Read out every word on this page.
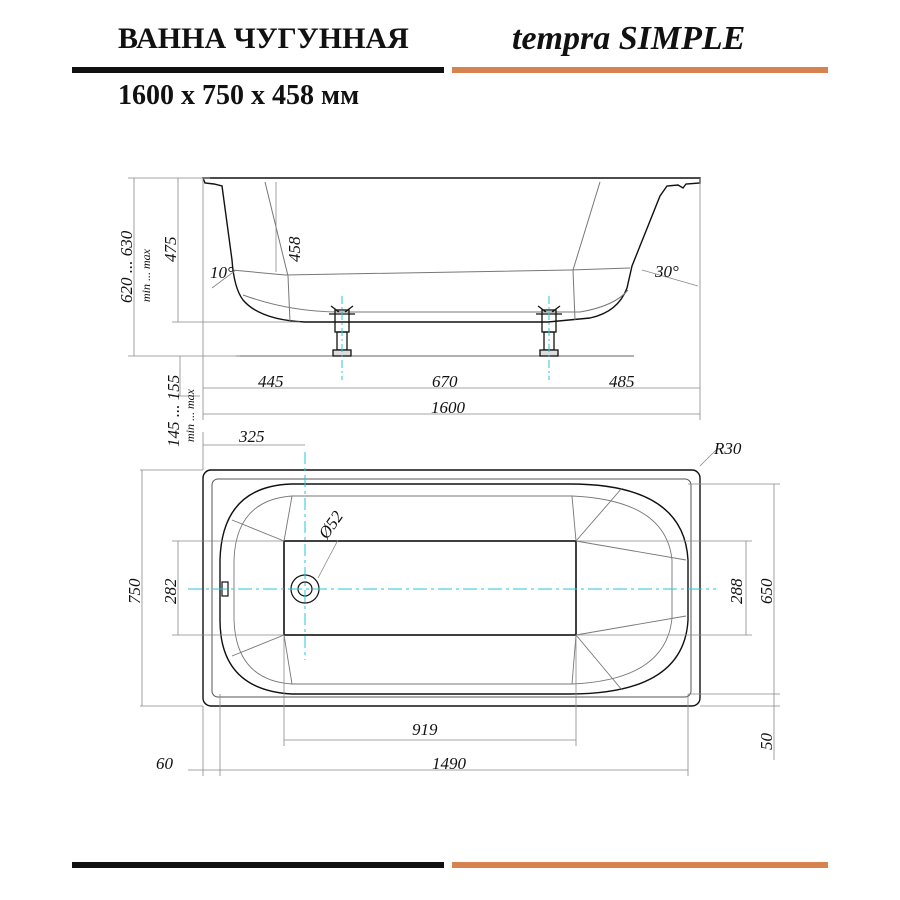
ВАННА ЧУГУННАЯ	tempra SIMPLE
1600 x 750 x 458 мм
620 ... 630 min ... max 475	458
10°	30°
145 ... 155 min ... max
445	670	485
1600
325
R30
Ø52
750 282	288 650
919
50
60	1490
